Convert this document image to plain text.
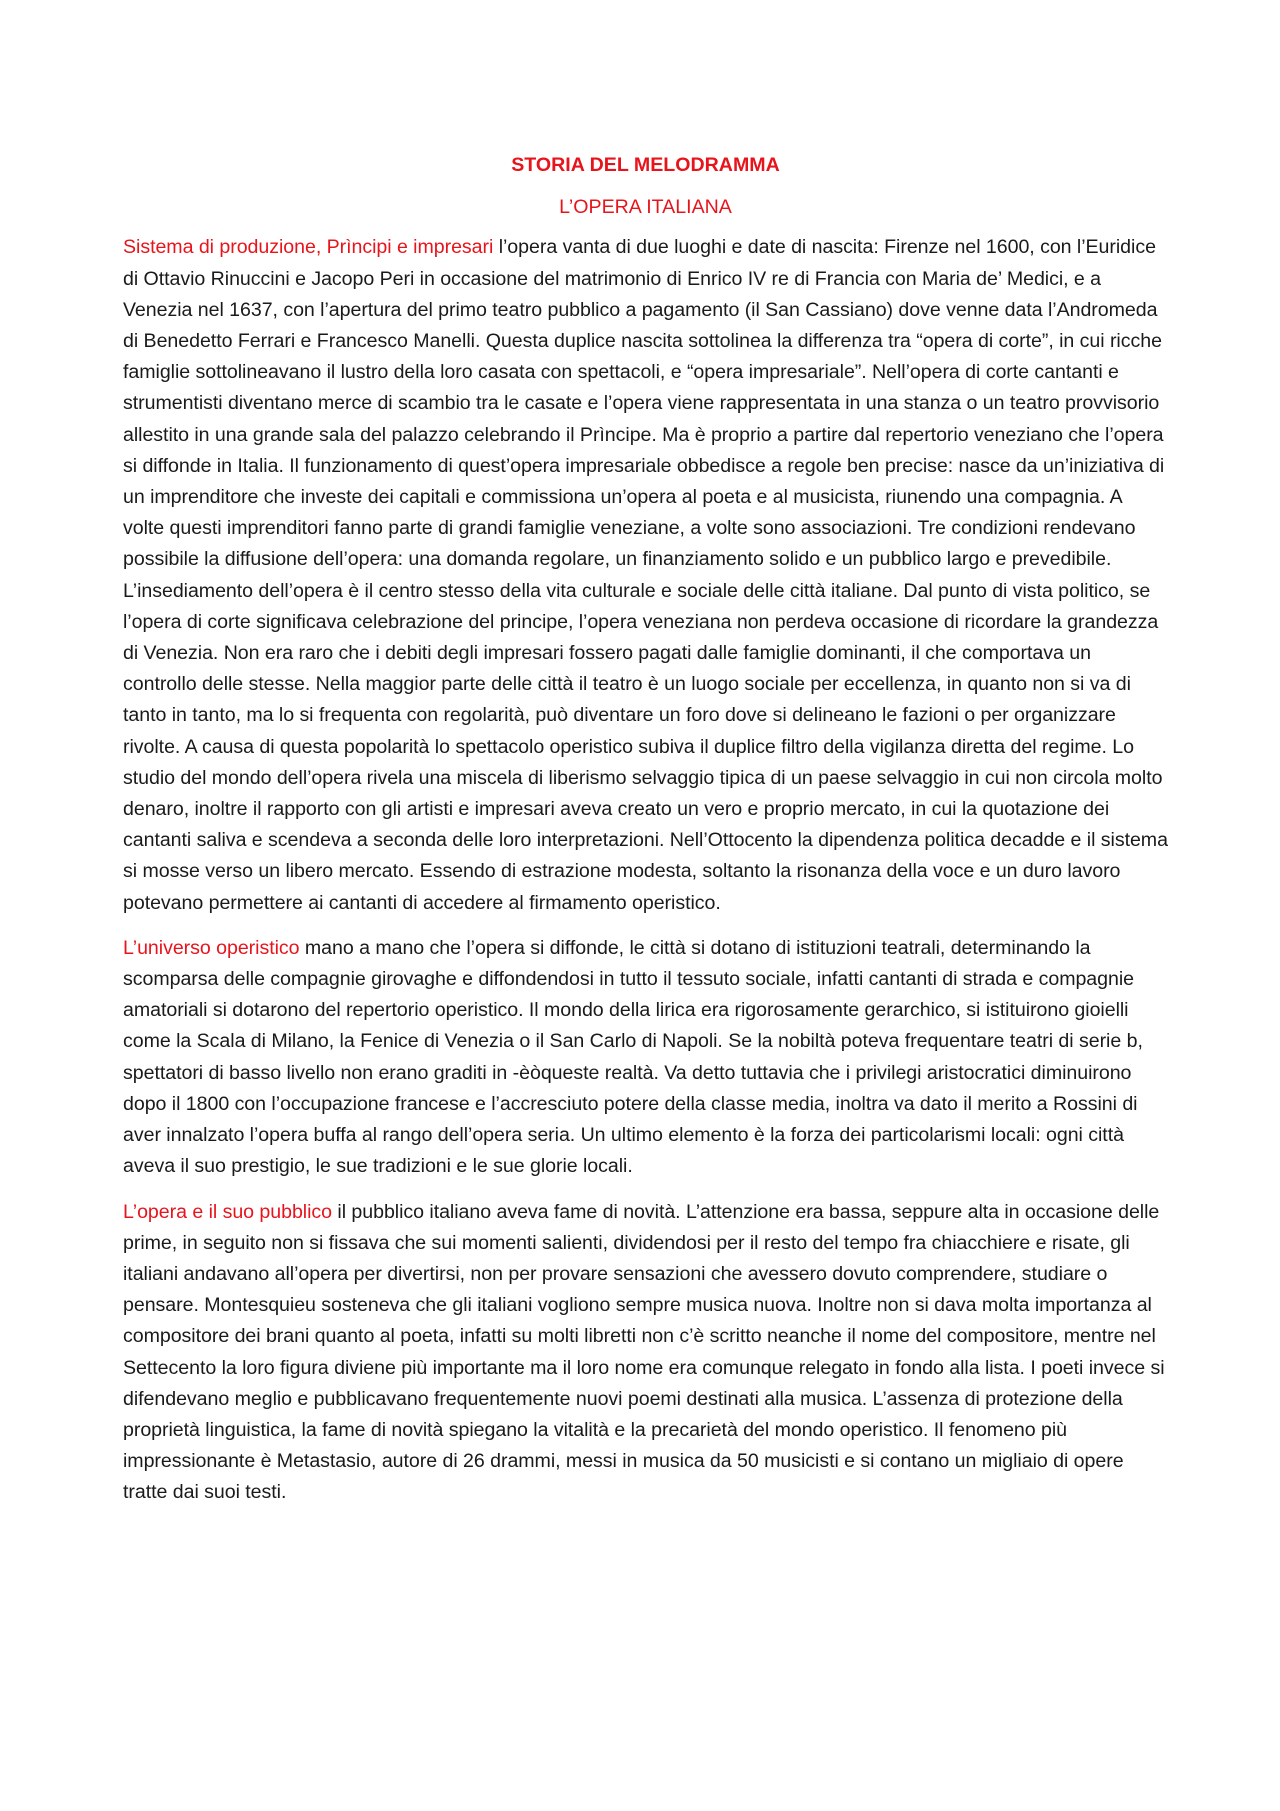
STORIA DEL MELODRAMMA
L’OPERA ITALIANA

Sistema di produzione, Prìncipi e impresari l’opera vanta di due luoghi e date di nascita: Firenze nel 1600, con l’Euridice di Ottavio Rinuccini e Jacopo Peri in occasione del matrimonio di Enrico IV re di Francia con Maria de’ Medici, e a Venezia nel 1637, con l’apertura del primo teatro pubblico a pagamento (il San Cassiano) dove venne data l’Andromeda di Benedetto Ferrari e Francesco Manelli. Questa duplice nascita sottolinea la differenza tra “opera di corte”, in cui ricche famiglie sottolineavano il lustro della loro casata con spettacoli, e “opera impresariale”. Nell’opera di corte cantanti e strumentisti diventano merce di scambio tra le casate e l’opera viene rappresentata in una stanza o un teatro provvisorio allestito in una grande sala del palazzo celebrando il Prìncipe. Ma è proprio a partire dal repertorio veneziano che l’opera si diffonde in Italia. Il funzionamento di quest’opera impresariale obbedisce a regole ben precise: nasce da un’iniziativa di un imprenditore che investe dei capitali e commissiona un’opera al poeta e al musicista, riunendo una compagnia. A volte questi imprenditori fanno parte di grandi famiglie veneziane, a volte sono associazioni. Tre condizioni rendevano possibile la diffusione dell’opera: una domanda regolare, un finanziamento solido e un pubblico largo e prevedibile. L’insediamento dell’opera è il centro stesso della vita culturale e sociale delle città italiane. Dal punto di vista politico, se l’opera di corte significava celebrazione del principe, l’opera veneziana non perdeva occasione di ricordare la grandezza di Venezia. Non era raro che i debiti degli impresari fossero pagati dalle famiglie dominanti, il che comportava un controllo delle stesse. Nella maggior parte delle città il teatro è un luogo sociale per eccellenza, in quanto non si va di tanto in tanto, ma lo si frequenta con regolarità, può diventare un foro dove si delineano le fazioni o per organizzare rivolte. A causa di questa popolarità lo spettacolo operistico subiva il duplice filtro della vigilanza diretta del regime. Lo studio del mondo dell’opera rivela una miscela di liberismo selvaggio tipica di un paese selvaggio in cui non circola molto denaro, inoltre il rapporto con gli artisti e impresari aveva creato un vero e proprio mercato, in cui la quotazione dei cantanti saliva e scendeva a seconda delle loro interpretazioni. Nell’Ottocento la dipendenza politica decadde e il sistema si mosse verso un libero mercato. Essendo di estrazione modesta, soltanto la risonanza della voce e un duro lavoro potevano permettere ai cantanti di accedere al firmamento operistico.

L’universo operistico mano a mano che l’opera si diffonde, le città si dotano di istituzioni teatrali, determinando la scomparsa delle compagnie girovaghe e diffondendosi in tutto il tessuto sociale, infatti cantanti di strada e compagnie amatoriali si dotarono del repertorio operistico. Il mondo della lirica era rigorosamente gerarchico, si istituirono gioielli come la Scala di Milano, la Fenice di Venezia o il San Carlo di Napoli. Se la nobiltà poteva frequentare teatri di serie b, spettatori di basso livello non erano graditi in -èòqueste realtà. Va detto tuttavia che i privilegi aristocratici diminuirono dopo il 1800 con l’occupazione francese e l’accresciuto potere della classe media, inoltra va dato il merito a Rossini di aver innalzato l’opera buffa al rango dell’opera seria. Un ultimo elemento è la forza dei particolarismi locali: ogni città aveva il suo prestigio, le sue tradizioni e le sue glorie locali.

L’opera e il suo pubblico il pubblico italiano aveva fame di novità. L’attenzione era bassa, seppure alta in occasione delle prime, in seguito non si fissava che sui momenti salienti, dividendosi per il resto del tempo fra chiacchiere e risate, gli italiani andavano all’opera per divertirsi, non per provare sensazioni che avessero dovuto comprendere, studiare o pensare. Montesquieu sosteneva che gli italiani vogliono sempre musica nuova. Inoltre non si dava molta importanza al compositore dei brani quanto al poeta, infatti su molti libretti non c’è scritto neanche il nome del compositore, mentre nel Settecento la loro figura diviene più importante ma il loro nome era comunque relegato in fondo alla lista. I poeti invece si difendevano meglio e pubblicavano frequentemente nuovi poemi destinati alla musica. L’assenza di protezione della proprietà linguistica, la fame di novità spiegano la vitalità e la precarietà del mondo operistico. Il fenomeno più impressionante è Metastasio, autore di 26 drammi, messi in musica da 50 musicisti e si contano un migliaio di opere tratte dai suoi testi.
